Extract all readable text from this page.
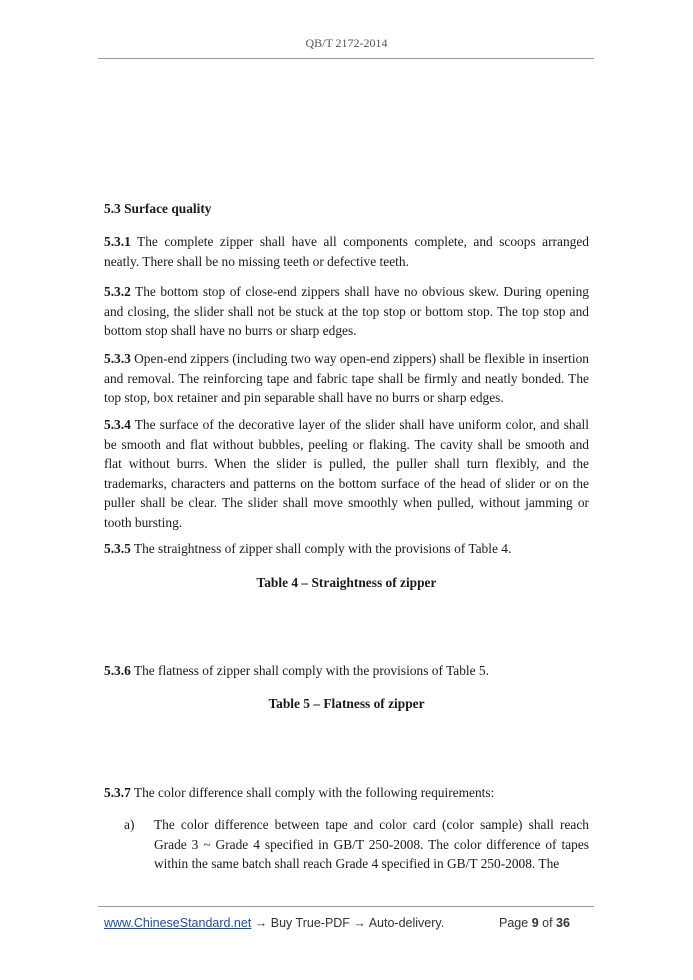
QB/T 2172-2014

5.3 Surface quality

5.3.1 The complete zipper shall have all components complete, and scoops arranged neatly. There shall be no missing teeth or defective teeth.

5.3.2 The bottom stop of close-end zippers shall have no obvious skew. During opening and closing, the slider shall not be stuck at the top stop or bottom stop. The top stop and bottom stop shall have no burrs or sharp edges.

5.3.3 Open-end zippers (including two way open-end zippers) shall be flexible in insertion and removal. The reinforcing tape and fabric tape shall be firmly and neatly bonded. The top stop, box retainer and pin separable shall have no burrs or sharp edges.

5.3.4 The surface of the decorative layer of the slider shall have uniform color, and shall be smooth and flat without bubbles, peeling or flaking. The cavity shall be smooth and flat without burrs. When the slider is pulled, the puller shall turn flexibly, and the trademarks, characters and patterns on the bottom surface of the head of slider or on the puller shall be clear. The slider shall move smoothly when pulled, without jamming or tooth bursting.

5.3.5 The straightness of zipper shall comply with the provisions of Table 4.

Table 4 – Straightness of zipper

5.3.6 The flatness of zipper shall comply with the provisions of Table 5.

Table 5 – Flatness of zipper

5.3.7 The color difference shall comply with the following requirements:

a) The color difference between tape and color card (color sample) shall reach Grade 3 ~ Grade 4 specified in GB/T 250-2008. The color difference of tapes within the same batch shall reach Grade 4 specified in GB/T 250-2008. The

www.ChineseStandard.net → Buy True-PDF → Auto-delivery.	Page 9 of 36
